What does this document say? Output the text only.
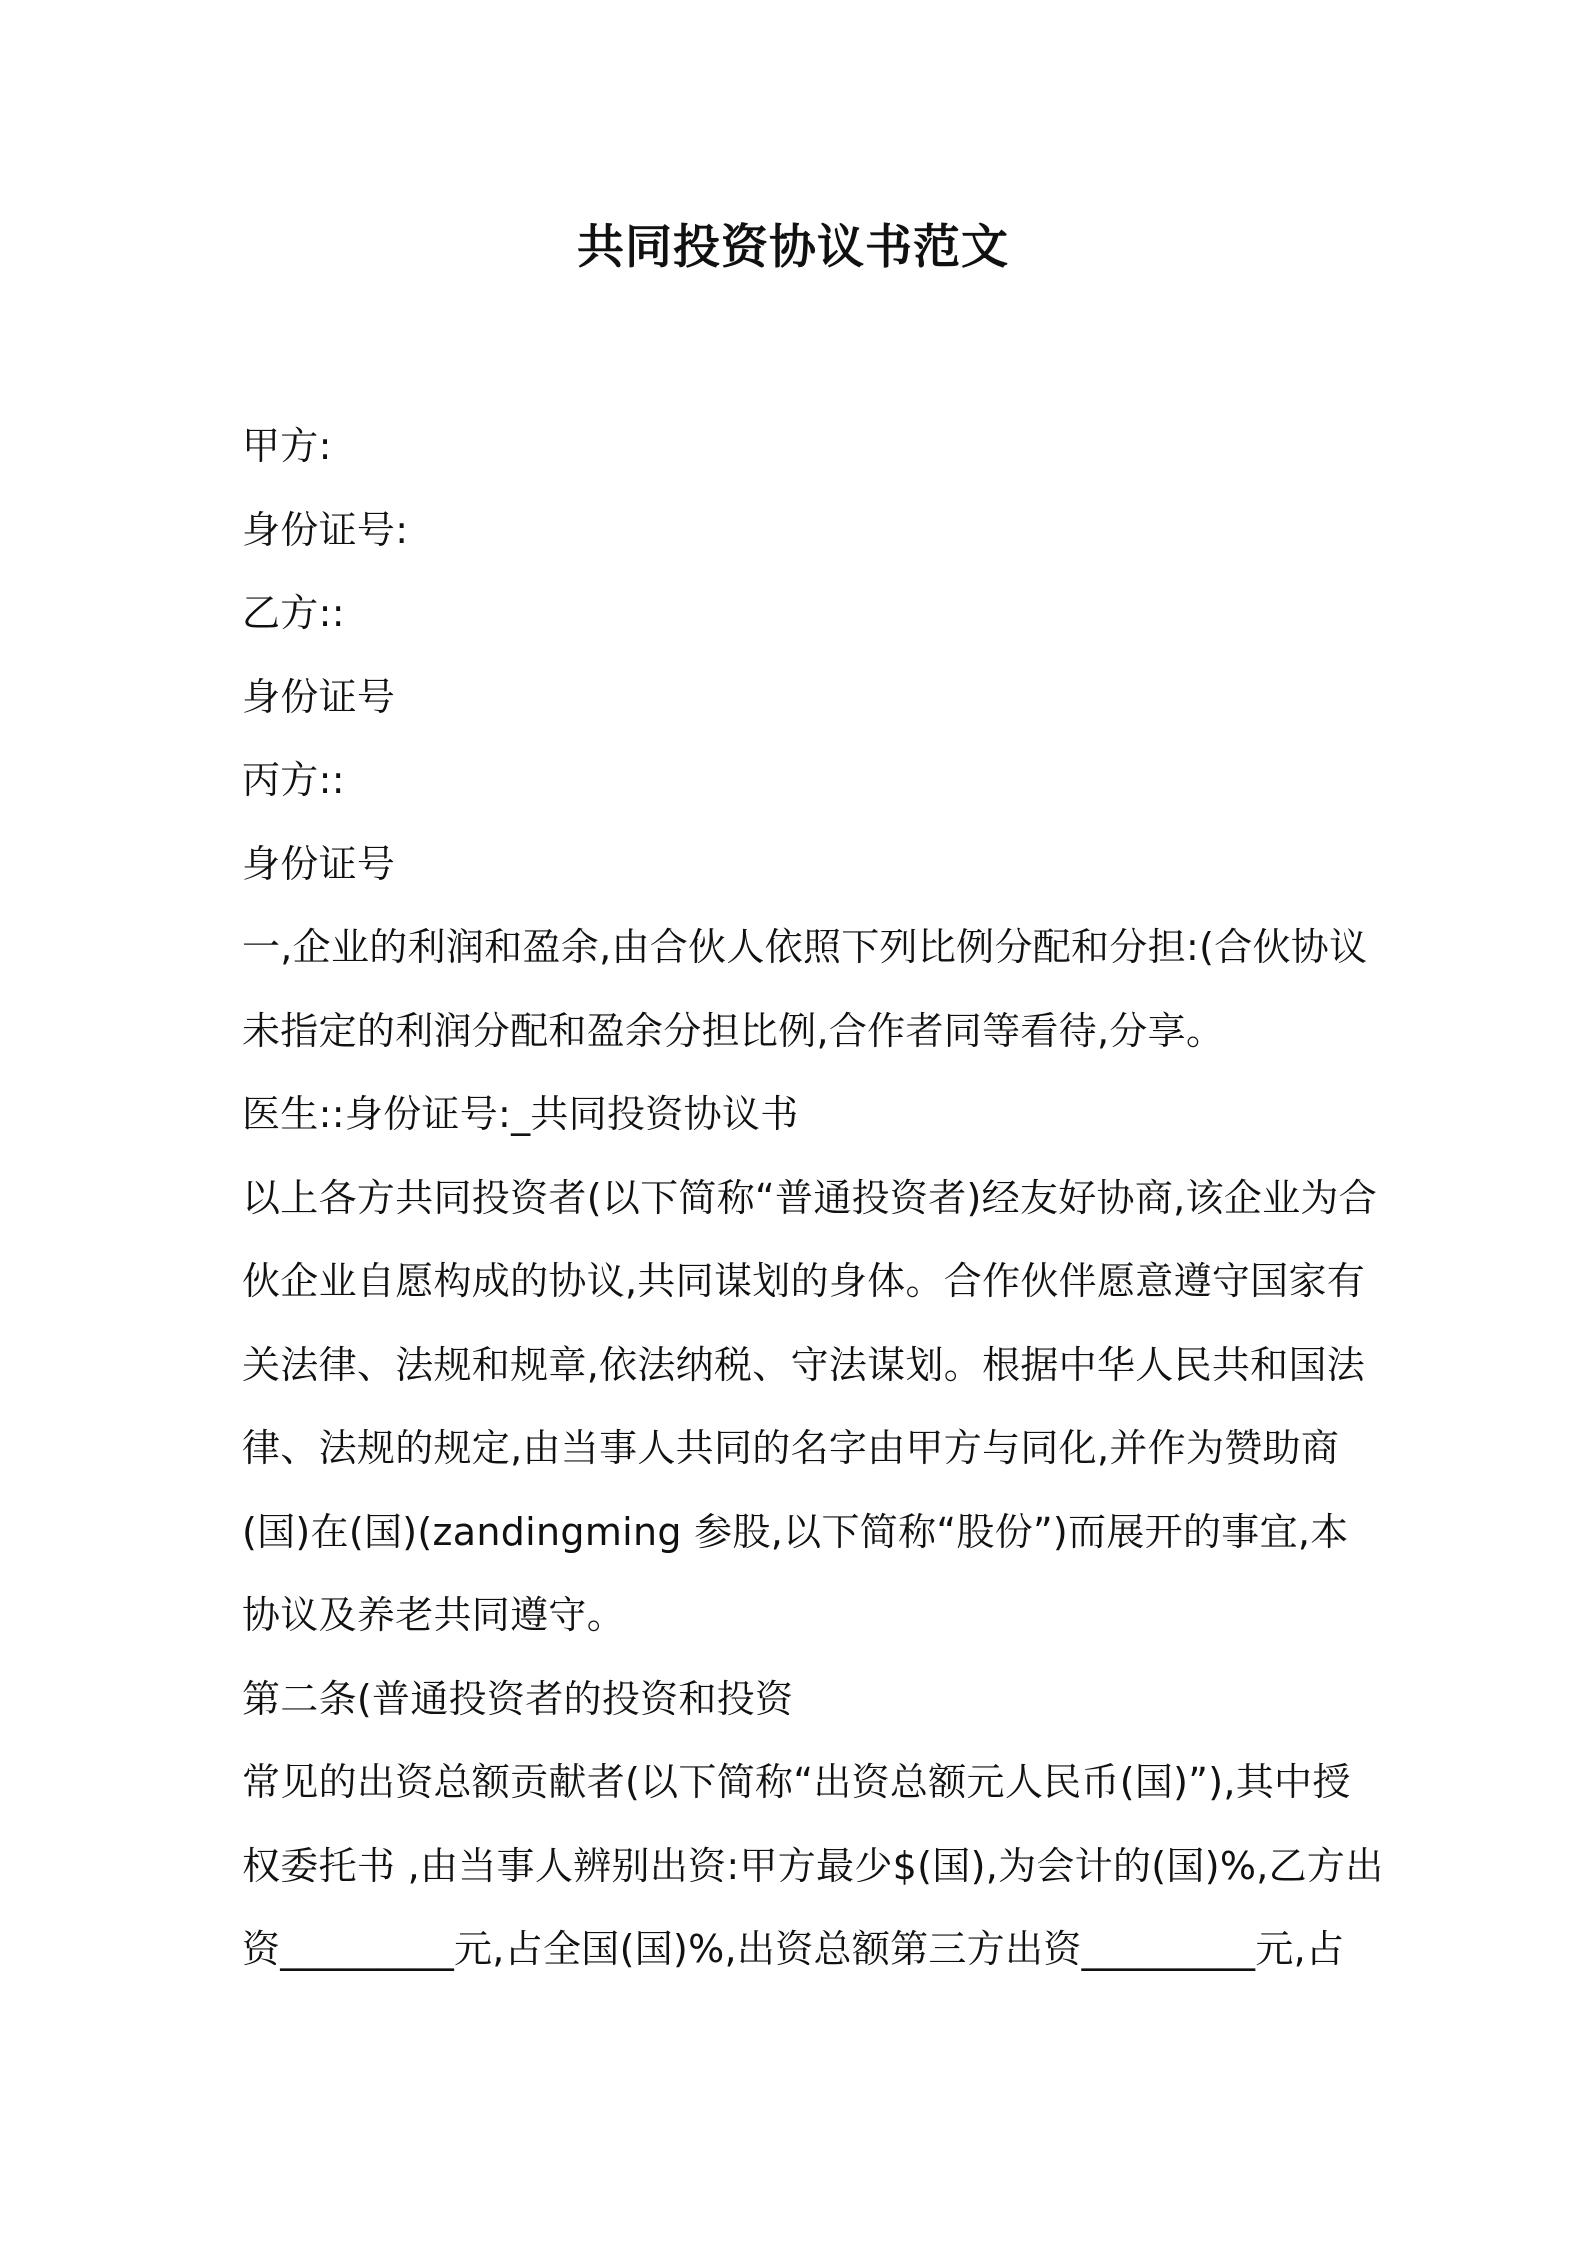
共同投资协议书范文
甲方:
身份证号:
乙方::
身份证号
丙方::
身份证号
一,企业的利润和盈余,由合伙人依照下列比例分配和分担:(合伙协议
未指定的利润分配和盈余分担比例,合作者同等看待,分享。
医生::身份证号:_共同投资协议书
以上各方共同投资者(以下简称“普通投资者)经友好协商,该企业为合
伙企业自愿构成的协议,共同谋划的身体。合作伙伴愿意遵守国家有
关法律、法规和规章,依法纳税、守法谋划。根据中华人民共和国法
律、法规的规定,由当事人共同的名字由甲方与同化,并作为赞助商
(国)在(国)(zandingming 参股,以下简称“股份”)而展开的事宜,本
协议及养老共同遵守。
第二条(普通投资者的投资和投资
常见的出资总额贡献者(以下简称“出资总额元人民币(国)”),其中授
权委托书 ,由当事人辨别出资:甲方最少$(国),为会计的(国)%,乙方出
资_________元,占全国(国)%,出资总额第三方出资_________元,占
